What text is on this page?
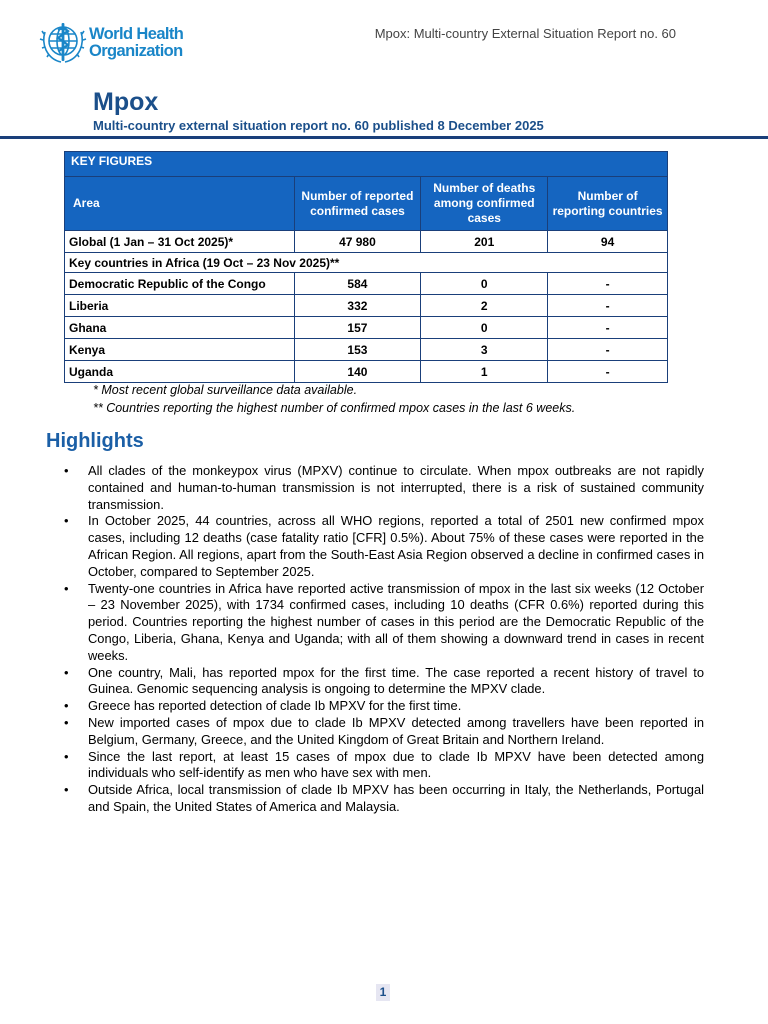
World Health
Organization
Mpox: Multi-country External Situation Report no. 60
Mpox
Multi-country external situation report no. 60 published 8 December 2025
KEY FIGURES			
Area	Number of reported confirmed cases	Number of deaths among confirmed cases	Number of reporting countries
Global (1 Jan – 31 Oct 2025)*	47 980	201	94
Key countries in Africa (19 Oct – 23 Nov 2025)**			
Democratic Republic of the Congo	584	0	-
Liberia	332	2	-
Ghana	157	0	-
Kenya	153	3	-
Uganda	140	1	-
* Most recent global surveillance data available.
** Countries reporting the highest number of confirmed mpox cases in the last 6 weeks.
Highlights
• All clades of the monkeypox virus (MPXV) continue to circulate. When mpox outbreaks are not rapidly contained and human-to-human transmission is not interrupted, there is a risk of sustained community transmission.
• In October 2025, 44 countries, across all WHO regions, reported a total of 2501 new confirmed mpox cases, including 12 deaths (case fatality ratio [CFR] 0.5%). About 75% of these cases were reported in the African Region. All regions, apart from the South-East Asia Region observed a decline in confirmed cases in October, compared to September 2025.
• Twenty-one countries in Africa have reported active transmission of mpox in the last six weeks (12 October – 23 November 2025), with 1734 confirmed cases, including 10 deaths (CFR 0.6%) reported during this period. Countries reporting the highest number of cases in this period are the Democratic Republic of the Congo, Liberia, Ghana, Kenya and Uganda; with all of them showing a downward trend in cases in recent weeks.
• One country, Mali, has reported mpox for the first time. The case reported a recent history of travel to Guinea. Genomic sequencing analysis is ongoing to determine the MPXV clade.
• Greece has reported detection of clade Ib MPXV for the first time.
• New imported cases of mpox due to clade Ib MPXV detected among travellers have been reported in Belgium, Germany, Greece, and the United Kingdom of Great Britain and Northern Ireland.
• Since the last report, at least 15 cases of mpox due to clade Ib MPXV have been detected among individuals who self-identify as men who have sex with men.
• Outside Africa, local transmission of clade Ib MPXV has been occurring in Italy, the Netherlands, Portugal and Spain, the United States of America and Malaysia.
1
